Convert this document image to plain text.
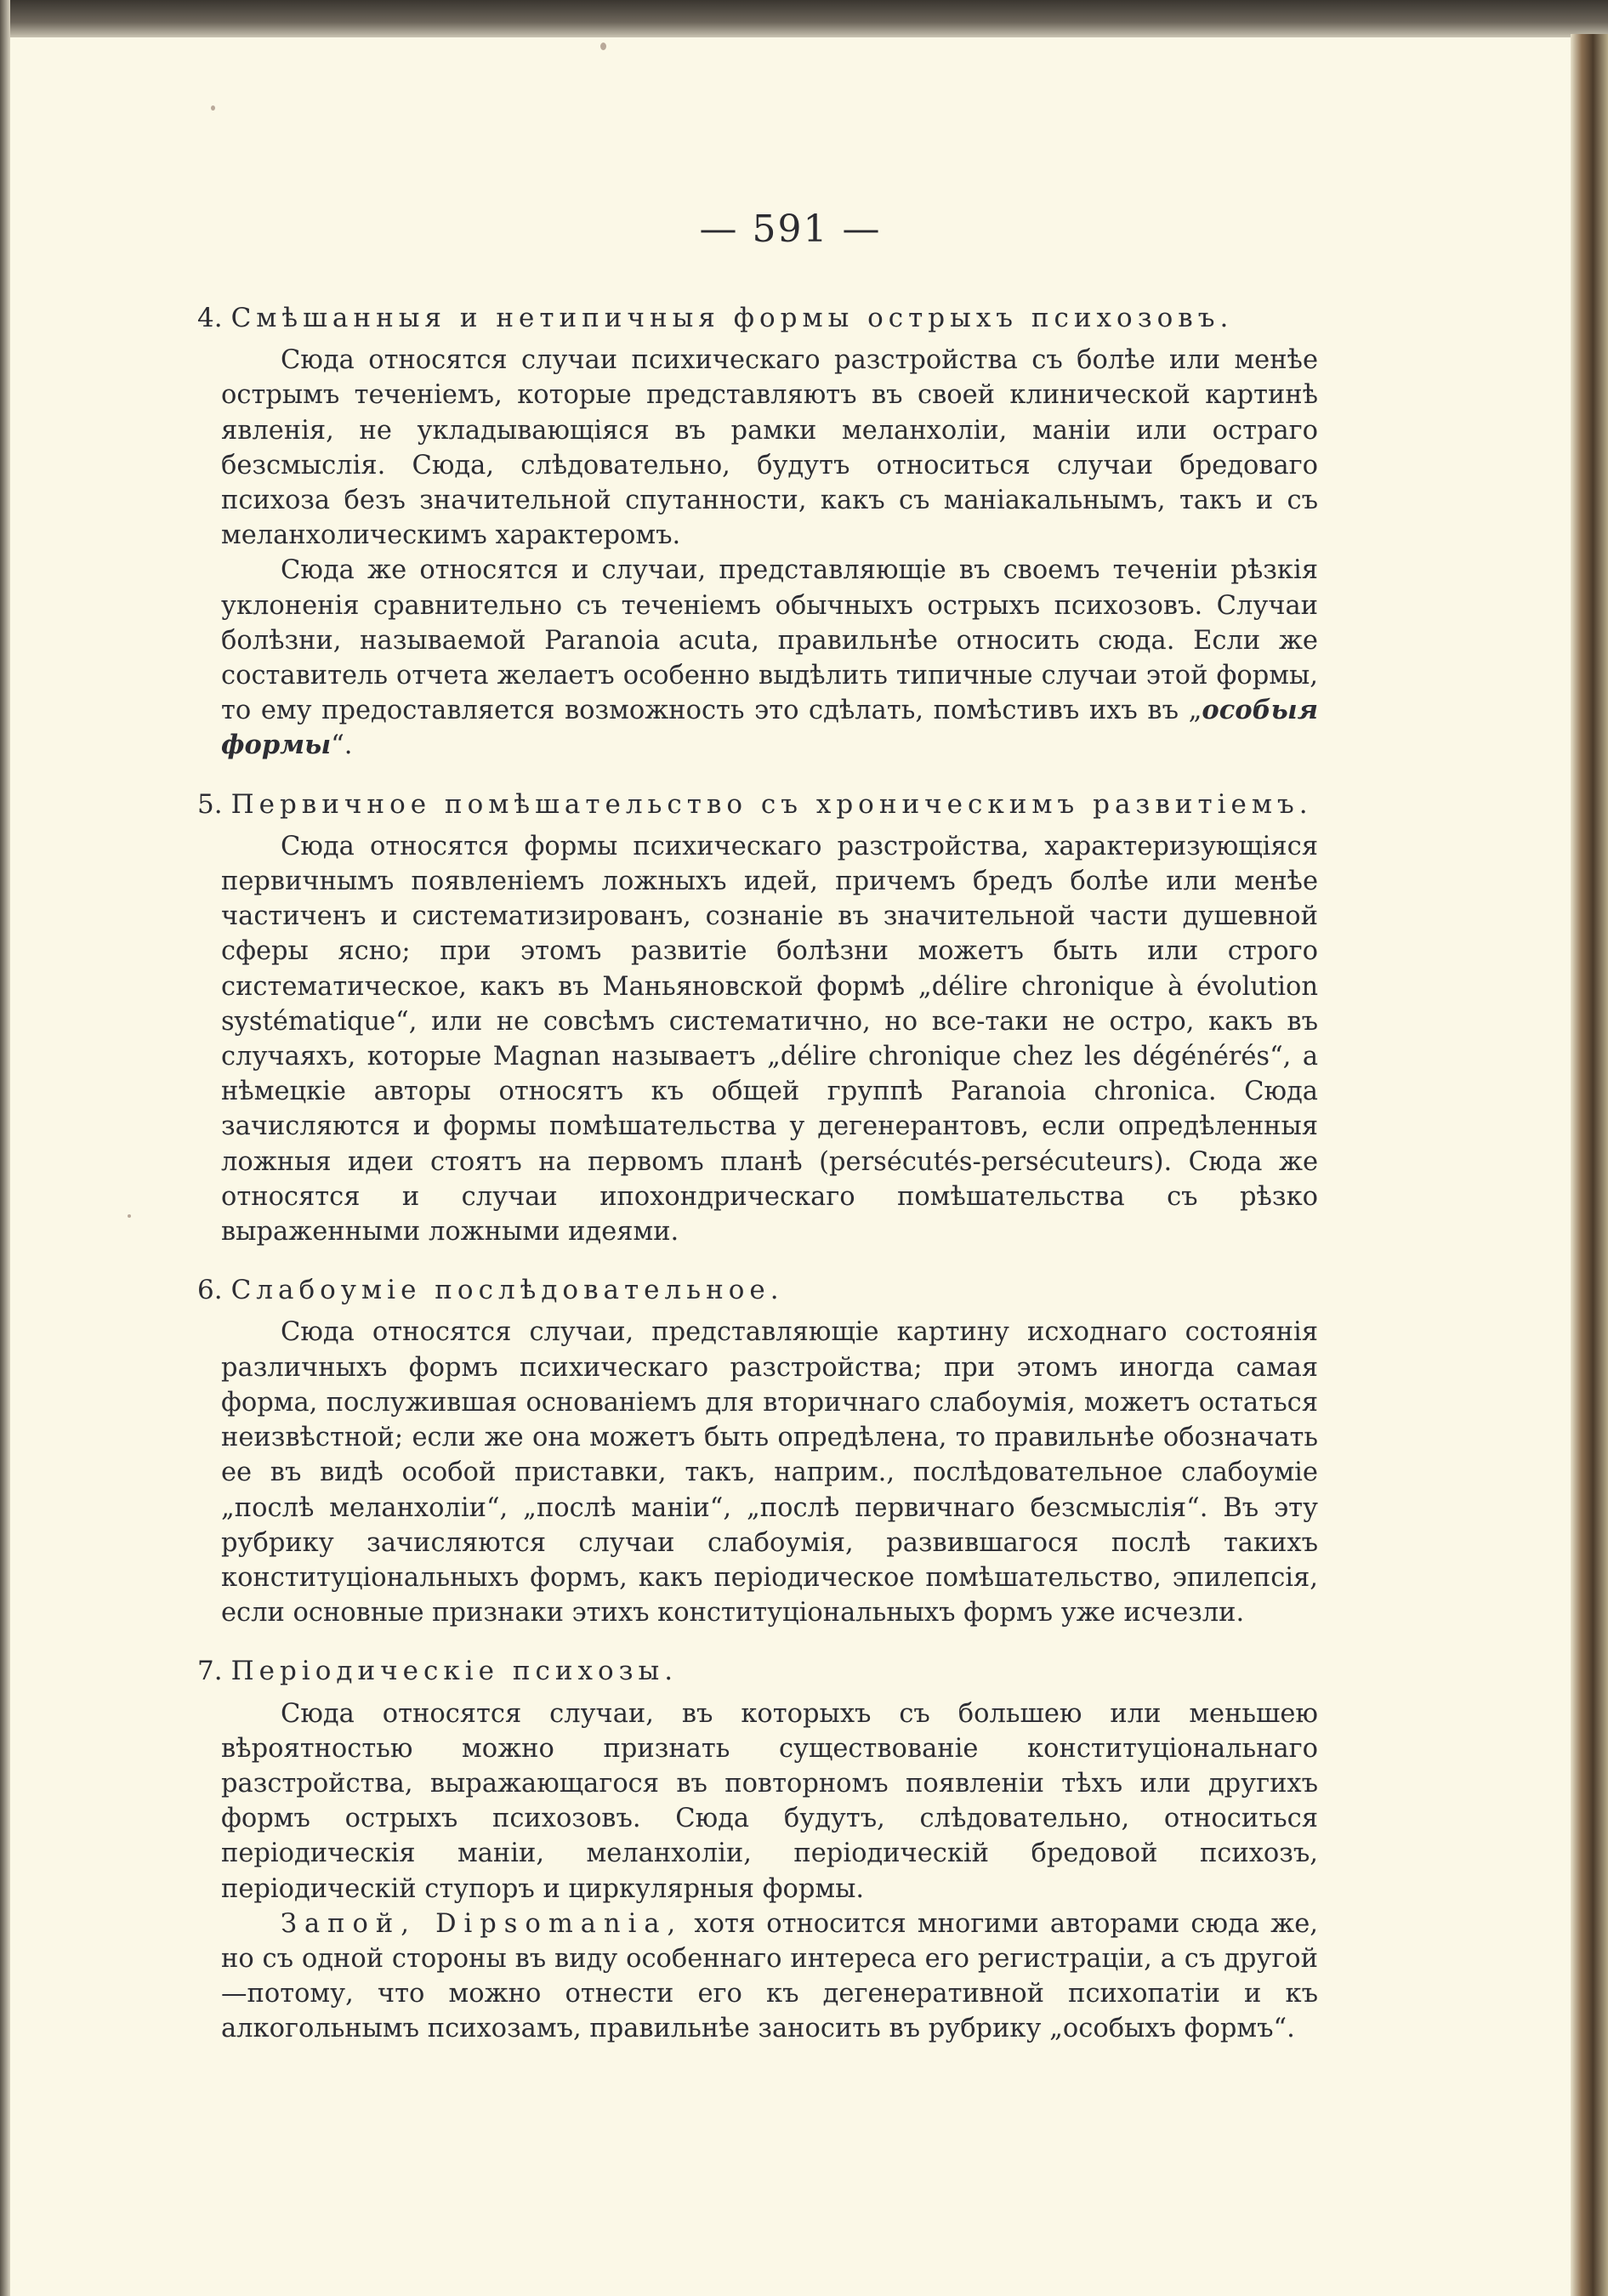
— 591 —
4. Смѣшанныя и нетипичныя формы острыхъ психозовъ.

Сюда относятся случаи психическаго разстройства съ болѣе или менѣе острымъ теченіемъ, которые представляютъ въ своей клинической картинѣ явленія, не укладывающіяся въ рамки меланхоліи, маніи или остраго безсмыслія. Сюда, слѣдовательно, будутъ относиться случаи бредоваго психоза безъ значительной спутанности, какъ съ маніакальнымъ, такъ и съ меланхолическимъ характеромъ.

Сюда же относятся и случаи, представляющіе въ своемъ теченіи рѣзкія уклоненія сравнительно съ теченіемъ обычныхъ острыхъ психозовъ. Случаи болѣзни, называемой Paranoia acuta, правильнѣе относить сюда. Если же составитель отчета желаетъ особенно выдѣлить типичные случаи этой формы, то ему предоставляется возможность это сдѣлать, помѣстивъ ихъ въ „особыя формы“.

5. Первичное помѣшательство съ хроническимъ развитіемъ.

Сюда относятся формы психическаго разстройства, характеризующіяся первичнымъ появленіемъ ложныхъ идей, причемъ бредъ болѣе или менѣе частиченъ и систематизированъ, сознаніе въ значительной части душевной сферы ясно; при этомъ развитіе болѣзни можетъ быть или строго систематическое, какъ въ Маньяновской формѣ „délire chronique à évolution systématique“, или не совсѣмъ систематично, но все-таки не остро, какъ въ случаяхъ, которые Magnan называетъ „délire chronique chez les dégénérés“, а нѣмецкіе авторы относятъ къ общей группѣ Paranoia chronica. Сюда зачисляются и формы помѣшательства у дегенерантовъ, если опредѣленныя ложныя идеи стоятъ на первомъ планѣ (persécutés-persécuteurs). Сюда же относятся и случаи ипохондрическаго помѣшательства съ рѣзко выраженными ложными идеями.

6. Слабоуміе послѣдовательное.

Сюда относятся случаи, представляющіе картину исходнаго состоянія различныхъ формъ психическаго разстройства; при этомъ иногда самая форма, послужившая основаніемъ для вторичнаго слабоумія, можетъ остаться неизвѣстной; если же она можетъ быть опредѣлена, то правильнѣе обозначать ее въ видѣ особой приставки, такъ, наприм., послѣдовательное слабоуміе „послѣ меланхоліи“, „послѣ маніи“, „послѣ первичнаго безсмыслія“. Въ эту рубрику зачисляются случаи слабоумія, развившагося послѣ такихъ конституціональныхъ формъ, какъ періодическое помѣшательство, эпилепсія, если основные признаки этихъ конституціональныхъ формъ уже исчезли.

7. Періодическіе психозы.

Сюда относятся случаи, въ которыхъ съ большею или меньшею вѣроятностью можно признать существованіе конституціональнаго разстройства, выражающагося въ повторномъ появленіи тѣхъ или другихъ формъ острыхъ психозовъ. Сюда будутъ, слѣдовательно, относиться періодическія маніи, меланхоліи, періодическій бредовой психозъ, періодическій ступоръ и циркулярныя формы.

Запой, Dipsomania, хотя относится многими авторами сюда же, но съ одной стороны въ виду особеннаго интереса его регистраціи, а съ другой—потому, что можно отнести его къ дегенеративной психопатіи и къ алкогольнымъ психозамъ, правильнѣе заносить въ рубрику „особыхъ формъ“.
